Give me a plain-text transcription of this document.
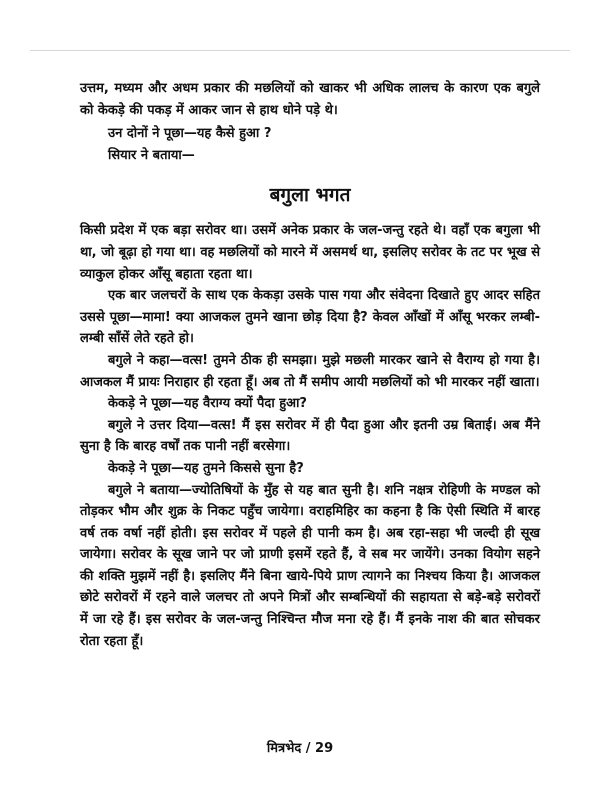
उत्तम, मध्यम और अधम प्रकार की मछलियों को खाकर भी अधिक लालच के कारण एक बगुले को केकड़े की पकड़ में आकर जान से हाथ धोने पड़े थे।

उन दोनों ने पूछा—यह कैसे हुआ ?

सियार ने बताया—

बगुला भगत

किसी प्रदेश में एक बड़ा सरोवर था। उसमें अनेक प्रकार के जल-जन्तु रहते थे। वहाँ एक बगुला भी था, जो बूढ़ा हो गया था। वह मछलियों को मारने में असमर्थ था, इसलिए सरोवर के तट पर भूख से व्याकुल होकर आँसू बहाता रहता था।

एक बार जलचरों के साथ एक केकड़ा उसके पास गया और संवेदना दिखाते हुए आदर सहित उससे पूछा—मामा! क्या आजकल तुमने खाना छोड़ दिया है? केवल आँखों में आँसू भरकर लम्बी-लम्बी साँसें लेते रहते हो।

बगुले ने कहा—वत्स! तुमने ठीक ही समझा। मुझे मछली मारकर खाने से वैराग्य हो गया है। आजकल मैं प्रायः निराहार ही रहता हूँ। अब तो मैं समीप आयी मछलियों को भी मारकर नहीं खाता।

केकड़े ने पूछा—यह वैराग्य क्यों पैदा हुआ?

बगुले ने उत्तर दिया—वत्स! मैं इस सरोवर में ही पैदा हुआ और इतनी उम्र बिताई। अब मैंने सुना है कि बारह वर्षों तक पानी नहीं बरसेगा।

केकड़े ने पूछा—यह तुमने किससे सुना है?

बगुले ने बताया—ज्योतिषियों के मुँह से यह बात सुनी है। शनि नक्षत्र रोहिणी के मण्डल को तोड़कर भौम और शुक्र के निकट पहुँच जायेगा। वराहमिहिर का कहना है कि ऐसी स्थिति में बारह वर्ष तक वर्षा नहीं होती। इस सरोवर में पहले ही पानी कम है। अब रहा-सहा भी जल्दी ही सूख जायेगा। सरोवर के सूख जाने पर जो प्राणी इसमें रहते हैं, वे सब मर जायेंगे। उनका वियोग सहने की शक्ति मुझमें नहीं है। इसलिए मैंने बिना खाये-पिये प्राण त्यागने का निश्चय किया है। आजकल छोटे सरोवरों में रहने वाले जलचर तो अपने मित्रों और सम्बन्धियों की सहायता से बड़े-बड़े सरोवरों में जा रहे हैं। इस सरोवर के जल-जन्तु निश्चिन्त मौज मना रहे हैं। मैं इनके नाश की बात सोचकर रोता रहता हूँ।

मित्रभेद / 29
